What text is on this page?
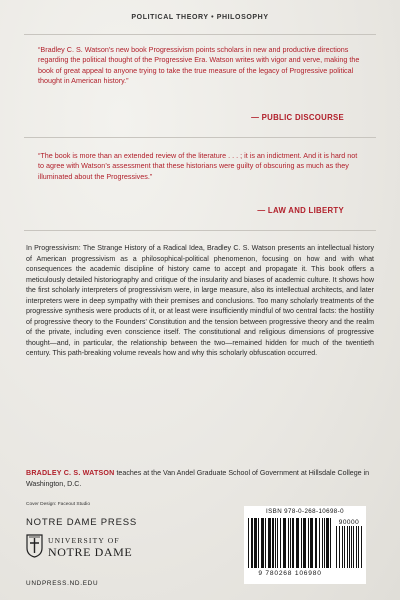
POLITICAL THEORY • PHILOSOPHY
“Bradley C. S. Watson’s new book Progressivism points scholars in new and productive directions regarding the political thought of the Progressive Era. Watson writes with vigor and verve, making the book of great appeal to anyone trying to take the true measure of the legacy of Progressive political thought in American history.”
— PUBLIC DISCOURSE
“The book is more than an extended review of the literature . . . ; it is an indictment. And it is hard not to agree with Watson’s assessment that these historians were guilty of obscuring as much as they illuminated about the Progressives.”
— LAW AND LIBERTY

In Progressivism: The Strange History of a Radical Idea, Bradley C. S. Watson presents an intellectual history of American progressivism as a philosophical-political phenomenon, focusing on how and with what consequences the academic discipline of history came to accept and propagate it. This book offers a meticulously detailed historiography and critique of the insularity and biases of academic culture. It shows how the first scholarly interpreters of progressivism were, in large measure, also its intellectual architects, and later interpreters were in deep sympathy with their premises and conclusions. Too many scholarly treatments of the progressive synthesis were products of it, or at least were insufficiently mindful of two central facts: the hostility of progressive theory to the Founders’ Constitution and the tension between progressive theory and the realm of the private, including even conscience itself. The constitutional and religious dimensions of progressive thought—and, in particular, the relationship between the two—remained hidden for much of the twentieth century. This path-breaking volume reveals how and why this scholarly obfuscation occurred.

BRADLEY C. S. WATSON teaches at the Van Andel Graduate School of Government at Hillsdale College in Washington, D.C.

Cover Design: Faceout Studio
NOTRE DAME PRESS
UNIVERSITY OF
NOTRE DAME
UNDPRESS.ND.EDU
ISBN 978-0-268-10698-0
90000
9 780268 106980
